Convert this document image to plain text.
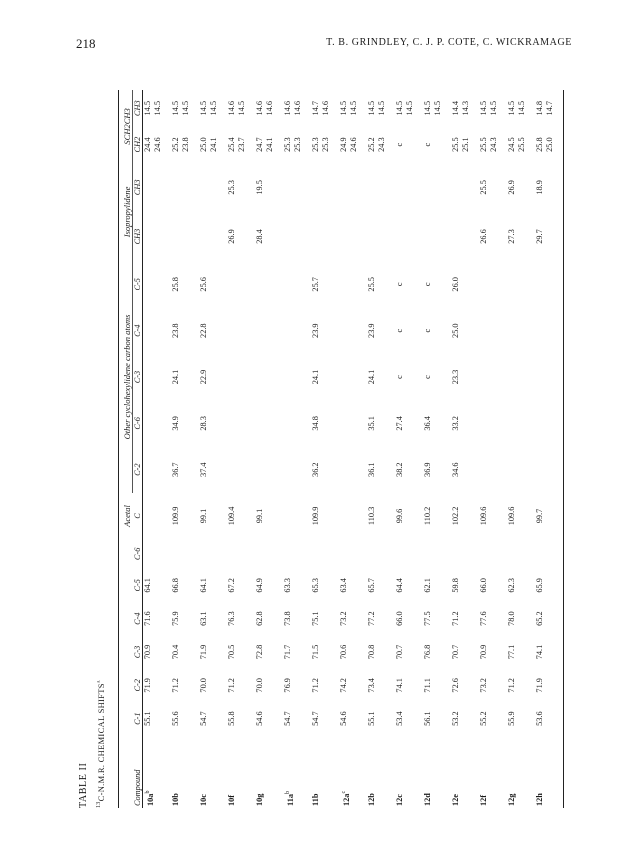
218	T. B. GRINDLEY, C. J. P. COTE, C. WICKRAMAGE
TABLE II $^{13}$C-N.M.R. CHEMICAL SHIFTS$^a$
							Acetal	Other cyclohexylidene carbon atoms					Isopropylidene		SCH2CH3	
Compound	C-1	C-2	C-3	C-4	C-5	C-6	C	C-2	C-6	C-3	C-4	C-5	CH3	CH3	CH2	CH3
$10a^b$	55.1	71.9	70.9	71.6	64.1										24.4 24.6	14.5 14.5

10b	55.6	71.2	70.4	75.9	66.8		109.9	36.7	34.9	24.1	23.8	25.8			25.2 23.8	14.5 14.5

10c	54.7	70.0	71.9	63.1	64.1		99.1	37.4	28.3	22.9	22.8	25.6			25.0 24.1	14.5 14.5

10f	55.8	71.2	70.5	76.3	67.2		109.4						26.9	25.3	25.4 23.7	14.6 14.5

10g	54.6	70.0	72.8	62.8	64.9		99.1						28.4	19.5	24.7 24.1	14.6 14.6

$11a^b$	54.7	76.9	71.7	73.8	63.3										25.3 25.3	14.6 14.6

11b	54.7	71.2	71.5	75.1	65.3		109.9	36.2	34.8	24.1	23.9	25.7			25.3 25.3	14.7 14.6

$12a^c$	54.6	74.2	70.6	73.2	63.4										24.9 24.6	14.5 14.5

12b	55.1	73.4	70.8	77.2	65.7		110.3	36.1	35.1	24.1	23.9	25.5			25.2 24.3	14.5 14.5

12c	53.4	74.1	70.7	66.0	64.4		99.6	38.2	27.4	c	c	c			c	14.5 14.5

12d	56.1	71.1	76.8	77.5	62.1		110.2	36.9	36.4	c	c	c			c	14.5 14.5

12e	53.2	72.6	70.7	71.2	59.8		102.2	34.6	33.2	23.3	25.0	26.0			25.5 25.1	14.4 14.3

12f	55.2	73.2	70.9	77.6	66.0		109.6						26.6	25.5	25.5 24.3	14.5 14.5

12g	55.9	71.2	77.1	78.0	62.3		109.6						27.3	26.9	24.5 25.5	14.5 14.5

12h	53.6	71.9	74.1	65.2	65.9		99.7						29.7	18.9	25.8 25.0	14.8 14.7
